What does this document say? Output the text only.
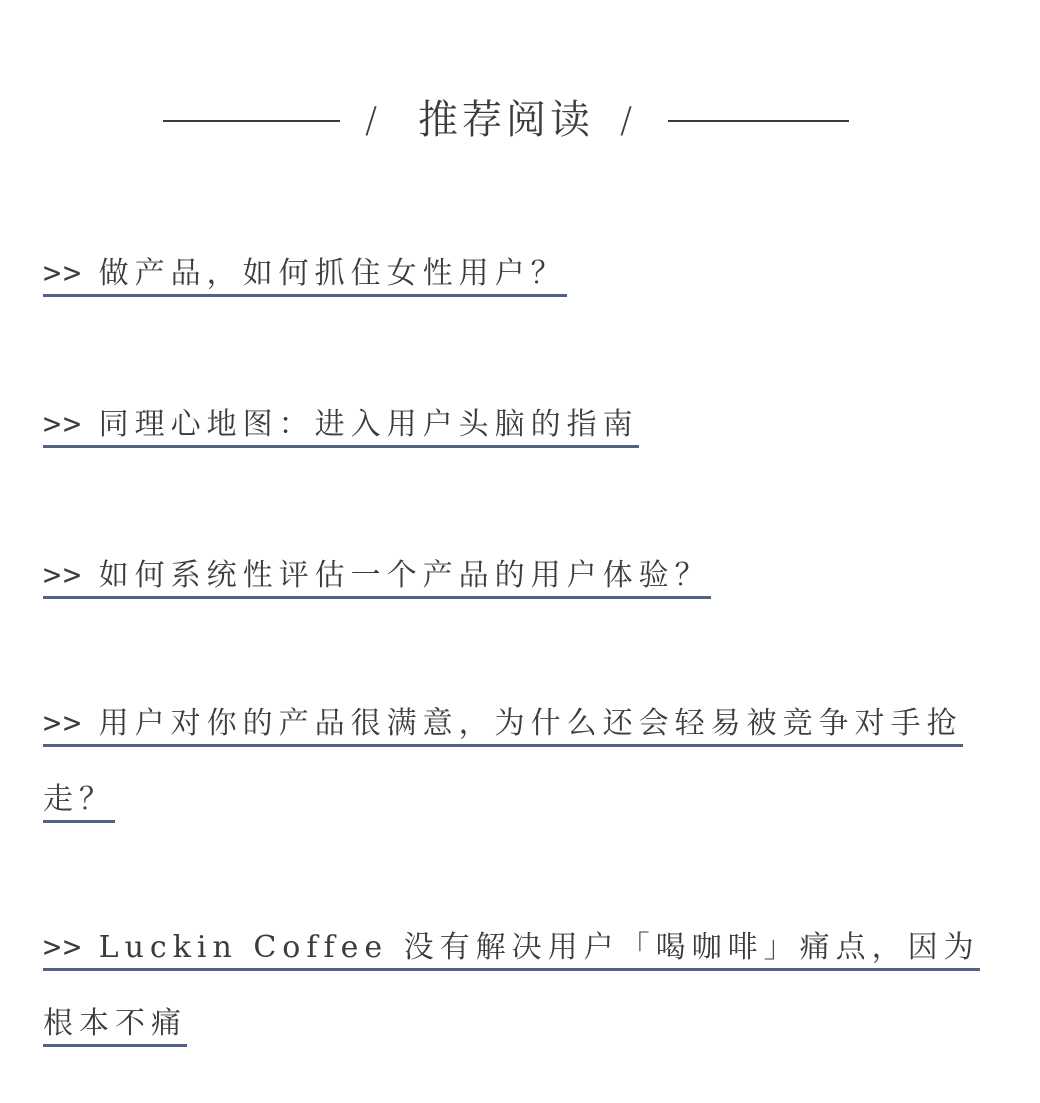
/ 推荐阅读 /
>> 做产品，如何抓住女性用户？
>> 同理心地图：进入用户头脑的指南
>> 如何系统性评估一个产品的用户体验？
>> 用户对你的产品很满意，为什么还会轻易被竞争对手抢走？
>> Luckin Coffee 没有解决用户「喝咖啡」痛点，因为根本不痛
